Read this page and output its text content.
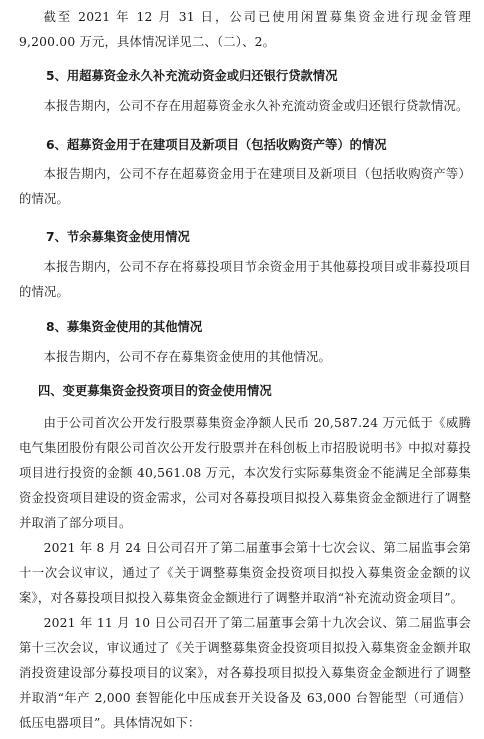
截至 2021 年 12 月 31 日，公司已使用闲置募集资金进行现金管理 9,200.00 万元，具体情况详见二、（二）、2。

5、用超募资金永久补充流动资金或归还银行贷款情况

本报告期内，公司不存在用超募资金永久补充流动资金或归还银行贷款情况。

6、超募资金用于在建项目及新项目（包括收购资产等）的情况

本报告期内，公司不存在超募资金用于在建项目及新项目（包括收购资产等）的情况。

7、节余募集资金使用情况

本报告期内，公司不存在将募投项目节余资金用于其他募投项目或非募投项目的情况。

8、募集资金使用的其他情况

本报告期内，公司不存在募集资金使用的其他情况。

四、变更募集资金投资项目的资金使用情况

由于公司首次公开发行股票募集资金净额人民币 20,587.24 万元低于《威腾电气集团股份有限公司首次公开发行股票并在科创板上市招股说明书》中拟对募投项目进行投资的金额 40,561.08 万元，本次发行实际募集资金不能满足全部募集资金投资项目建设的资金需求，公司对各募投项目拟投入募集资金金额进行了调整并取消了部分项目。

2021 年 8 月 24 日公司召开了第二届董事会第十七次会议、第二届监事会第十一次会议审议，通过了《关于调整募集资金投资项目拟投入募集资金金额的议案》，对各募投项目拟投入募集资金金额进行了调整并取消“补充流动资金项目”。

2021 年 11 月 10 日公司召开了第二届董事会第十九次会议、第二届监事会第十三次会议，审议通过了《关于调整募集资金投资项目拟投入募集资金金额并取消投资建设部分募投项目的议案》，对各募投项目拟投入募集资金金额进行了调整并取消“年产 2,000 套智能化中压成套开关设备及 63,000 台智能型（可通信）低压电器项目”。具体情况如下：
